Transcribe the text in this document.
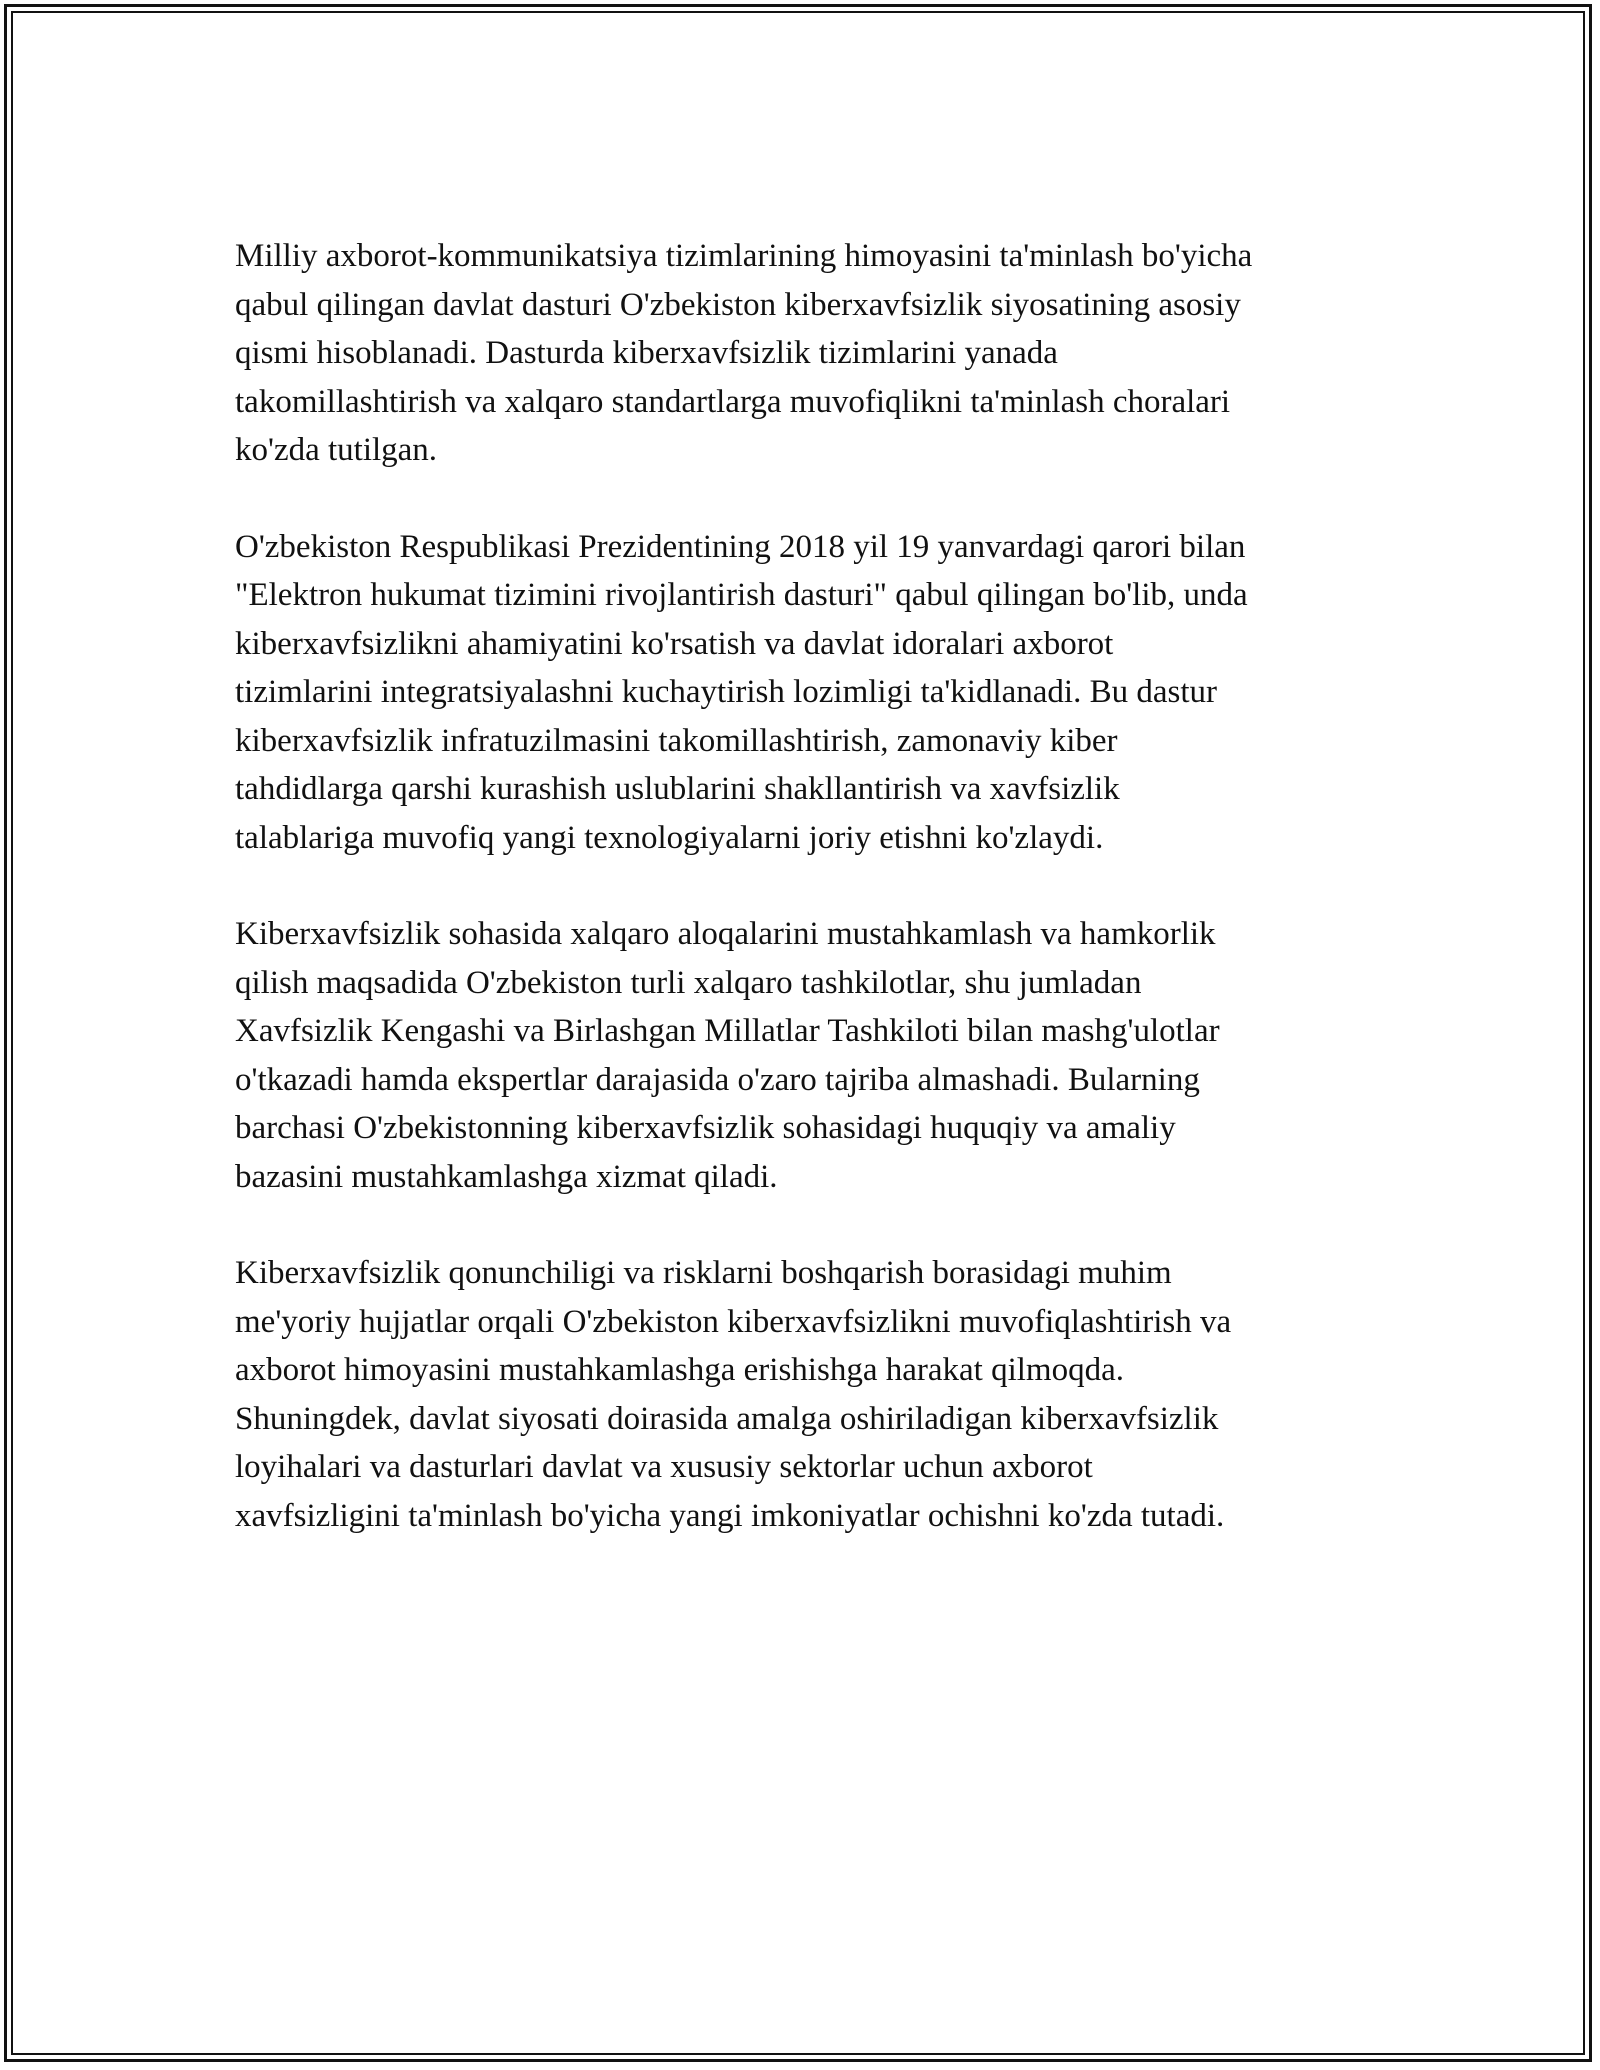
Milliy axborot-kommunikatsiya tizimlarining himoyasini ta'minlash bo'yicha
qabul qilingan davlat dasturi O'zbekiston kiberxavfsizlik siyosatining asosiy
qismi hisoblanadi. Dasturda kiberxavfsizlik tizimlarini yanada
takomillashtirish va xalqaro standartlarga muvofiqlikni ta'minlash choralari
ko'zda tutilgan.

O'zbekiston Respublikasi Prezidentining 2018 yil 19 yanvardagi qarori bilan
"Elektron hukumat tizimini rivojlantirish dasturi" qabul qilingan bo'lib, unda
kiberxavfsizlikni ahamiyatini ko'rsatish va davlat idoralari axborot
tizimlarini integratsiyalashni kuchaytirish lozimligi ta'kidlanadi. Bu dastur
kiberxavfsizlik infratuzilmasini takomillashtirish, zamonaviy kiber
tahdidlarga qarshi kurashish uslublarini shakllantirish va xavfsizlik
talablariga muvofiq yangi texnologiyalarni joriy etishni ko'zlaydi.

Kiberxavfsizlik sohasida xalqaro aloqalarini mustahkamlash va hamkorlik
qilish maqsadida O'zbekiston turli xalqaro tashkilotlar, shu jumladan
Xavfsizlik Kengashi va Birlashgan Millatlar Tashkiloti bilan mashg'ulotlar
o'tkazadi hamda ekspertlar darajasida o'zaro tajriba almashadi. Bularning
barchasi O'zbekistonning kiberxavfsizlik sohasidagi huquqiy va amaliy
bazasini mustahkamlashga xizmat qiladi.

Kiberxavfsizlik qonunchiligi va risklarni boshqarish borasidagi muhim
me'yoriy hujjatlar orqali O'zbekiston kiberxavfsizlikni muvofiqlashtirish va
axborot himoyasini mustahkamlashga erishishga harakat qilmoqda.
Shuningdek, davlat siyosati doirasida amalga oshiriladigan kiberxavfsizlik
loyihalari va dasturlari davlat va xususiy sektorlar uchun axborot
xavfsizligini ta'minlash bo'yicha yangi imkoniyatlar ochishni ko'zda tutadi.
